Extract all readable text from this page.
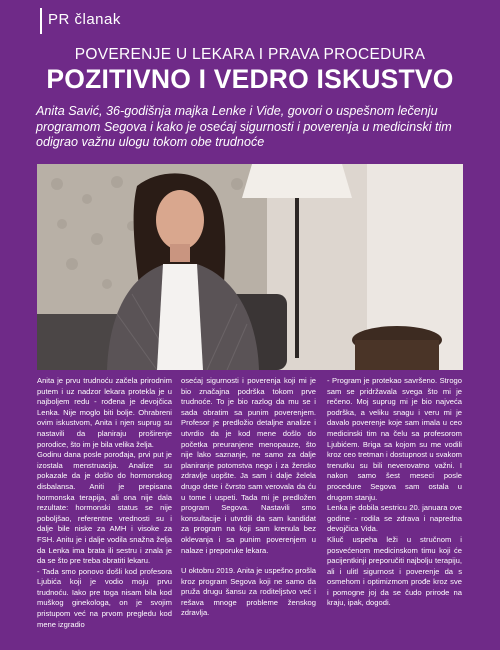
PR članak
POVERENJE U LEKARA I PRAVA PROCEDURA
POZITIVNO I VEDRO ISKUSTVO
Anita Savić, 36-godišnja majka Lenke i Vide, govori o uspešnom lečenju programom Segova i kako je osećaj sigurnosti i poverenja u medicinski tim odigrao važnu ulogu tokom obe trudnoće

Anita je prvu trudnoću začela prirodnim putem i uz nadzor lekara protekla je u najboljem redu - rođena je devojčica Lenka. Nije moglo biti bolje. Ohrabreni ovim iskustvom, Anita i njen suprug su nastavili da planiraju proširenje porodice, što im je bila velika želja.

Godinu dana posle porođaja, prvi put je izostala menstruacija. Analize su pokazale da je došlo do hormonskog disbalansa. Aniti je prepisana hormonska terapija, ali ona nije dala rezultate: hormonski status se nije poboljšao, referentne vrednosti su i dalje bile niske za AMH i visoke za FSH. Anitu je i dalje vodila snažna želja da Lenka ima brata ili sestru i znala je da se što pre treba obratiti lekaru.

- Tada smo ponovo došli kod profesora Ljubića koji je vodio moju prvu trudnoću. Iako pre toga nisam bila kod muškog ginekologa, on je svojim pristupom već na prvom pregledu kod mene izgradio

osećaj sigurnosti i poverenja koji mi je bio značajna podrška tokom prve trudnoće. To je bio razlog da mu se i sada obratim sa punim poverenjem. Profesor je predložio detaljne analize i utvrdio da je kod mene došlo do početka preuranjene menopauze, što nije lako saznanje, ne samo za dalje planiranje potomstva nego i za žensko zdravlje uopšte. Ja sam i dalje želela drugo dete i čvrsto sam verovala da ću u tome i uspeti. Tada mi je predložen program Segova. Nastavili smo konsultacije i utvrdili da sam kandidat za program na koji sam krenula bez oklevanja i sa punim poverenjem u nalaze i preporuke lekara.

U oktobru 2019. Anita je uspešno prošla kroz program Segova koji ne samo da pruža drugu šansu za roditeljstvo već i rešava mnoge probleme ženskog zdravlja.

- Program je protekao savršeno. Strogo sam se pridržavala svega što mi je rečeno. Moj suprug mi je bio najveća podrška, a veliku snagu i veru mi je davalo poverenje koje sam imala u ceo medicinski tim na čelu sa profesorom Ljubićem. Briga sa kojom su me vodili kroz ceo tretman i dostupnost u svakom trenutku su bili neverovatno važni. I nakon samo šest meseci posle procedure Segova sam ostala u drugom stanju.

Lenka je dobila sestricu 20. januara ove godine - rodila se zdrava i napredna devojčica Vida.

Kliuč uspeha leži u stručnom i posvećenom medicinskom timu koji će pacijentkinji preporučiti najbolju terapiju, ali i ulitl sigurnost i poverenje da s osmehom i optimizmom prođe kroz sve i pomogne joj da se čudo prirode na kraju, ipak, dogodi.
